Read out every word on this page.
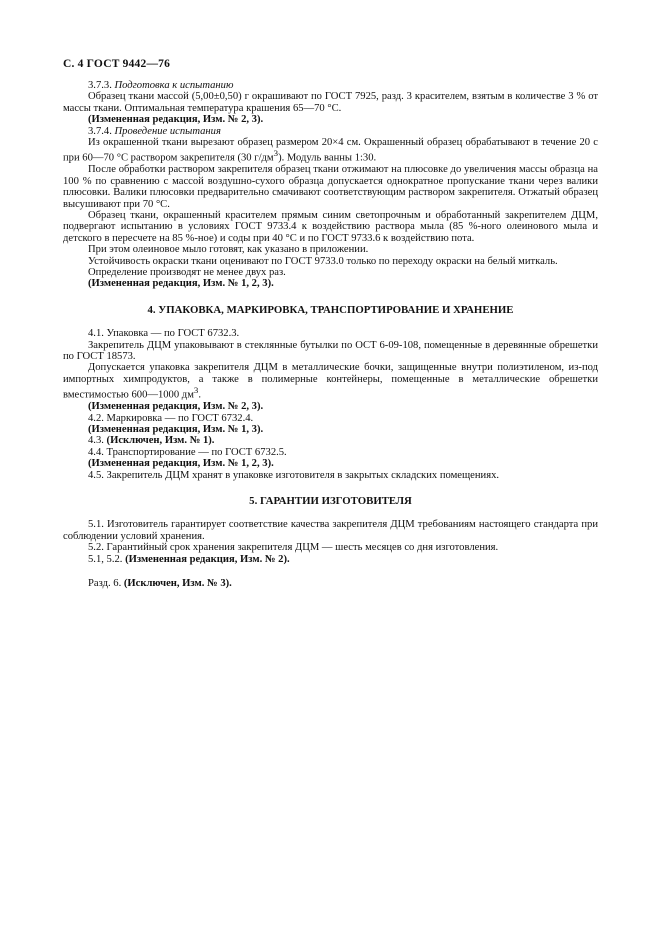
С. 4 ГОСТ 9442—76

3.7.3. Подготовка к испытанию

Образец ткани массой (5,00±0,50) г окрашивают по ГОСТ 7925, разд. 3 красителем, взятым в количестве 3 % от массы ткани. Оптимальная температура крашения 65—70 °С.

(Измененная редакция, Изм. № 2, 3).

3.7.4. Проведение испытания

Из окрашенной ткани вырезают образец размером 20×4 см. Окрашенный образец обрабатывают в течение 20 с при 60—70 °С раствором закрепителя (30 $г/дм^3$). Модуль ванны 1:30.

После обработки раствором закрепителя образец ткани отжимают на плюсовке до увеличения массы образца на 100 % по сравнению с массой воздушно-сухого образца допускается однократное пропускание ткани через валики плюсовки. Валики плюсовки предварительно смачивают соответствующим раствором закрепителя. Отжатый образец высушивают при 70 °С.

Образец ткани, окрашенный красителем прямым синим светопрочным и обработанный закрепителем ДЦМ, подвергают испытанию в условиях ГОСТ 9733.4 к воздействию раствора мыла (85 %-ного олеинового мыла и детского в пересчете на 85 %-ное) и соды при 40 °С и по ГОСТ 9733.6 к воздействию пота.

При этом олеиновое мыло готовят, как указано в приложении.

Устойчивость окраски ткани оценивают по ГОСТ 9733.0 только по переходу окраски на белый миткаль.

Определение производят не менее двух раз.

(Измененная редакция, Изм. № 1, 2, 3).

4. УПАКОВКА, МАРКИРОВКА, ТРАНСПОРТИРОВАНИЕ И ХРАНЕНИЕ

4.1. Упаковка — по ГОСТ 6732.3.

Закрепитель ДЦМ упаковывают в стеклянные бутылки по ОСТ 6-09-108, помещенные в деревянные обрешетки по ГОСТ 18573.

Допускается упаковка закрепителя ДЦМ в металлические бочки, защищенные внутри полиэтиленом, из-под импортных химпродуктов, а также в полимерные контейнеры, помещенные в металлические обрешетки вместимостью 600—1000 $дм^3$.

(Измененная редакция, Изм. № 2, 3).

4.2. Маркировка — по ГОСТ 6732.4.

(Измененная редакция, Изм. № 1, 3).

4.3. (Исключен, Изм. № 1).

4.4. Транспортирование — по ГОСТ 6732.5.

(Измененная редакция, Изм. № 1, 2, 3).

4.5. Закрепитель ДЦМ хранят в упаковке изготовителя в закрытых складских помещениях.

5. ГАРАНТИИ ИЗГОТОВИТЕЛЯ

5.1. Изготовитель гарантирует соответствие качества закрепителя ДЦМ требованиям настоящего стандарта при соблюдении условий хранения.

5.2. Гарантийный срок хранения закрепителя ДЦМ — шесть месяцев со дня изготовления.

5.1, 5.2. (Измененная редакция, Изм. № 2).

Разд. 6. (Исключен, Изм. № 3).
